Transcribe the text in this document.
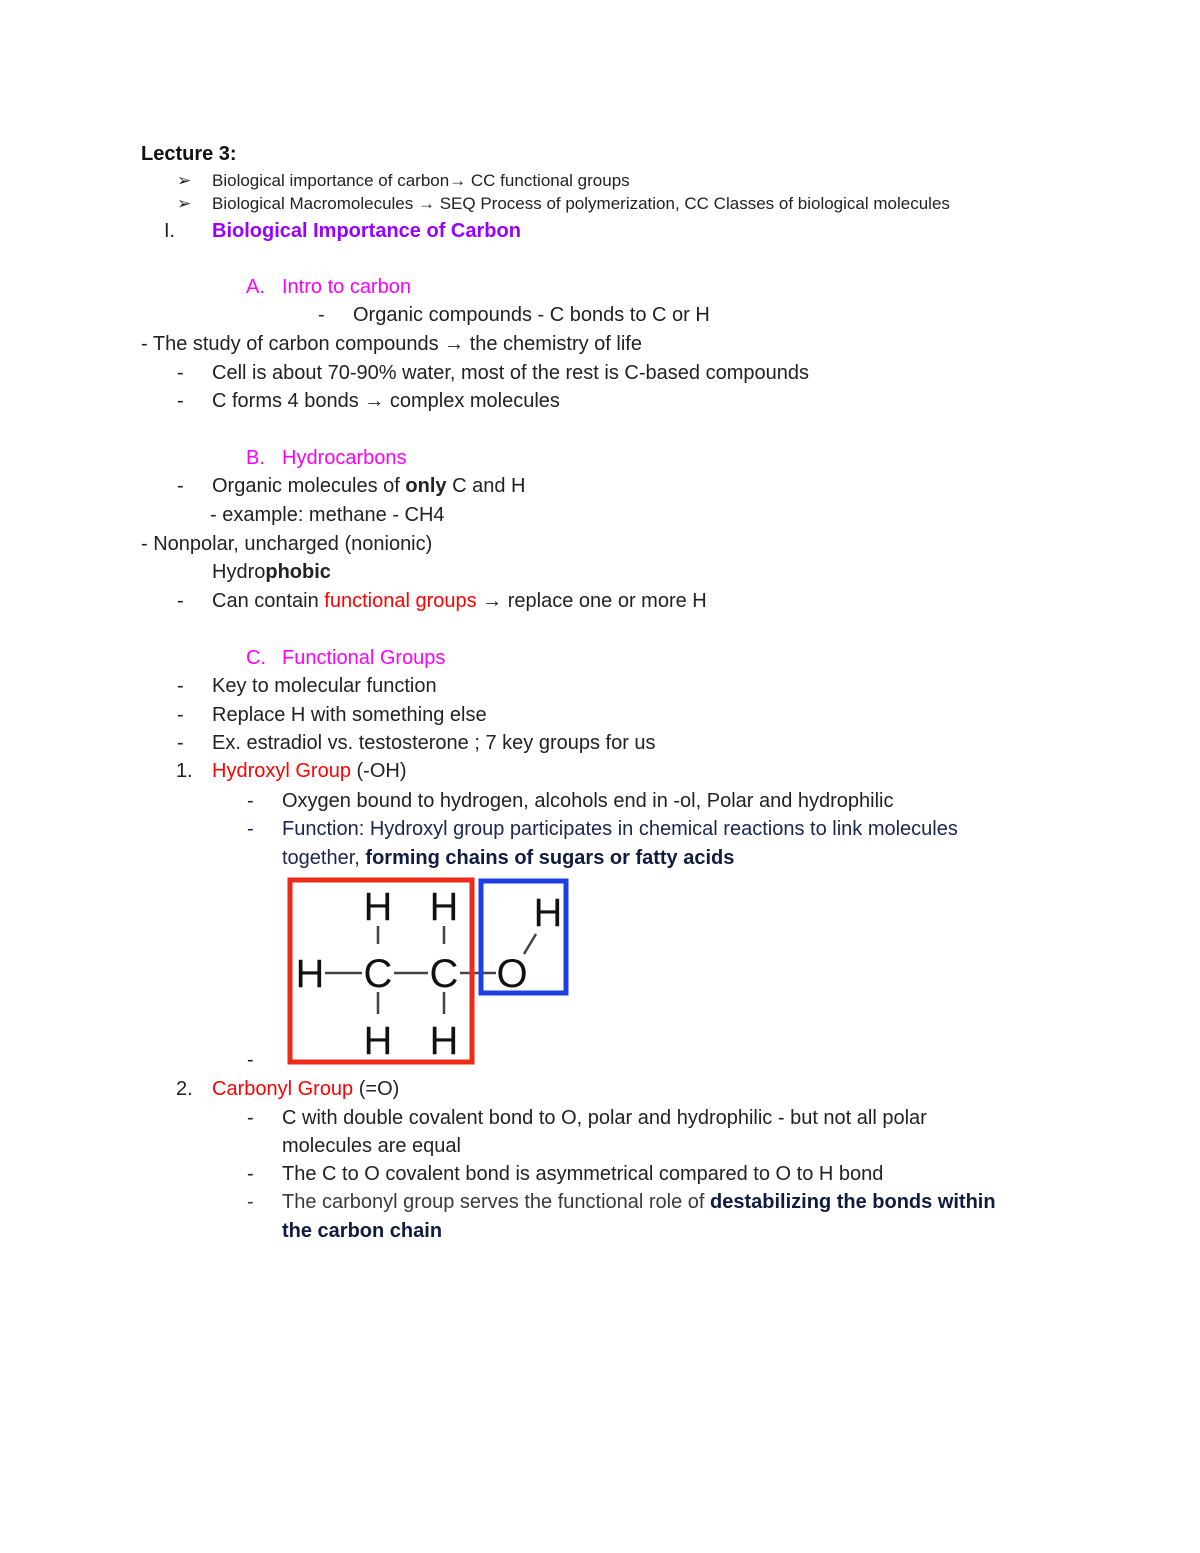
Lecture 3:
➢ Biological importance of carbon→ CC functional groups
➢ Biological Macromolecules → SEQ Process of polymerization, CC Classes of biological molecules
I. Biological Importance of Carbon
A. Intro to carbon
- Organic compounds - C bonds to C or H
- The study of carbon compounds → the chemistry of life
- Cell is about 70-90% water, most of the rest is C-based compounds
- C forms 4 bonds → complex molecules
B. Hydrocarbons
- Organic molecules of only C and H
- example: methane - CH4
- Nonpolar, uncharged (nonionic)
Hydrophobic
- Can contain functional groups → replace one or more H
C. Functional Groups
- Key to molecular function
- Replace H with something else
- Ex. estradiol vs. testosterone ; 7 key groups for us
1. Hydroxyl Group (-OH)
- Oxygen bound to hydrogen, alcohols end in -ol, Polar and hydrophilic
- Function: Hydroxyl group participates in chemical reactions to link molecules
together, forming chains of sugars or fatty acids
H H
H C C O
H
H H
-
2. Carbonyl Group (=O)
- C with double covalent bond to O, polar and hydrophilic - but not all polar
molecules are equal
- The C to O covalent bond is asymmetrical compared to O to H bond
- The carbonyl group serves the functional role of destabilizing the bonds within
the carbon chain
